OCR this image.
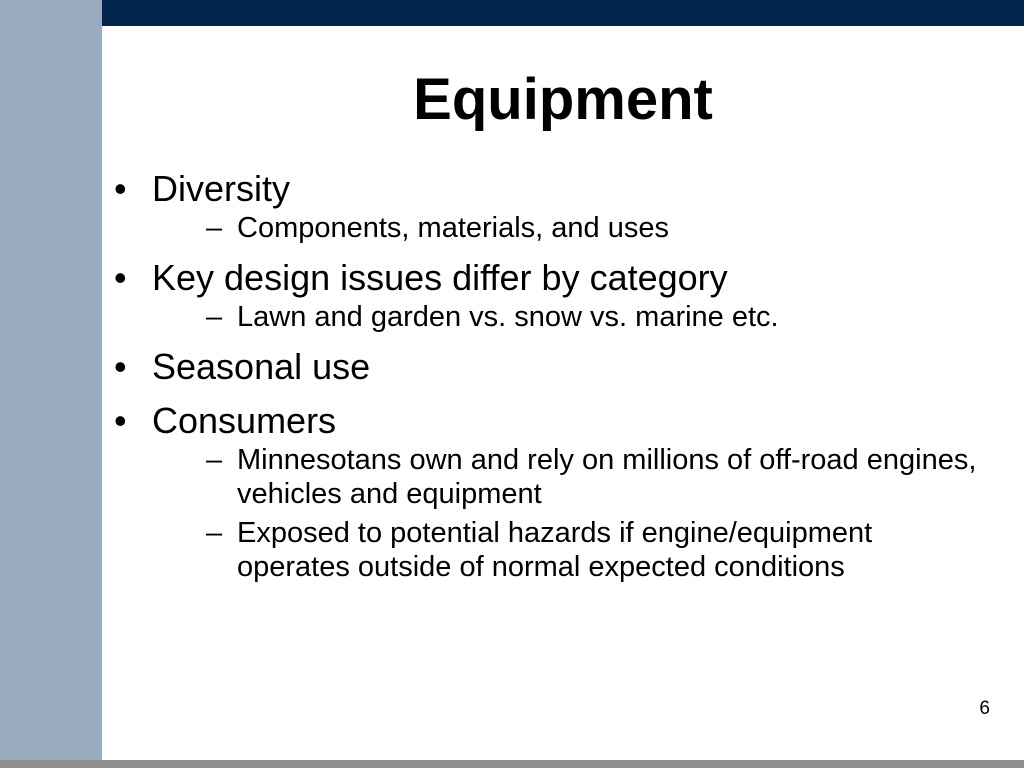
Equipment
• Diversity
– Components, materials, and uses
• Key design issues differ by category
– Lawn and garden vs. snow vs. marine etc.
• Seasonal use
• Consumers
– Minnesotans own and rely on millions of off-road engines, vehicles and equipment
– Exposed to potential hazards if engine/equipment operates outside of normal expected conditions
6
